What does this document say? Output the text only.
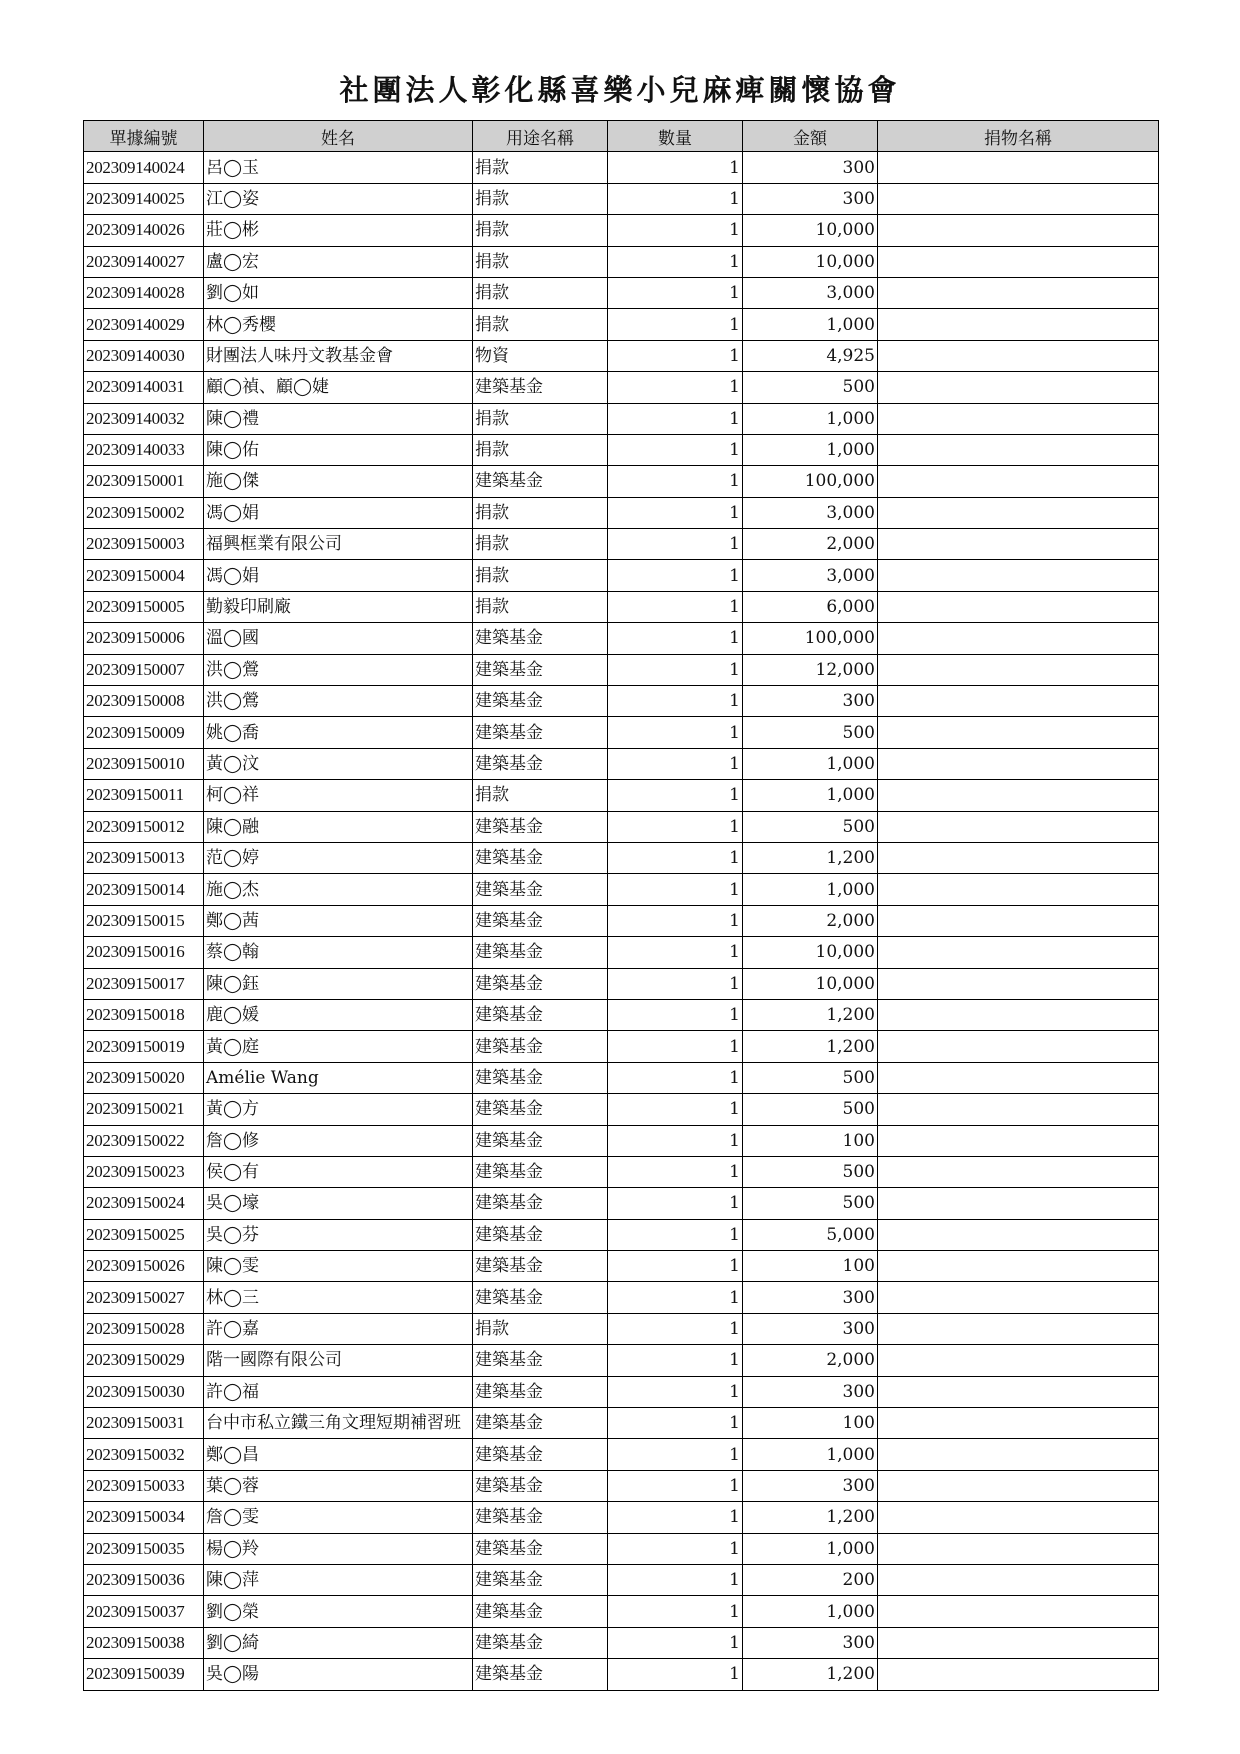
社團法人彰化縣喜樂小兒麻痺關懷協會
單據編號	姓名	用途名稱	數量	金額	捐物名稱
202309140024	呂◯玉	捐款	1	300	
202309140025	江◯姿	捐款	1	300	
202309140026	莊◯彬	捐款	1	10,000	
202309140027	盧◯宏	捐款	1	10,000	
202309140028	劉◯如	捐款	1	3,000	
202309140029	林◯秀櫻	捐款	1	1,000	
202309140030	財團法人味丹文教基金會	物資	1	4,925	
202309140031	顧◯禎、顧◯婕	建築基金	1	500	
202309140032	陳◯禮	捐款	1	1,000	
202309140033	陳◯佑	捐款	1	1,000	
202309150001	施◯傑	建築基金	1	100,000	
202309150002	馮◯娟	捐款	1	3,000	
202309150003	福興框業有限公司	捐款	1	2,000	
202309150004	馮◯娟	捐款	1	3,000	
202309150005	勤毅印刷廠	捐款	1	6,000	
202309150006	溫◯國	建築基金	1	100,000	
202309150007	洪◯鶯	建築基金	1	12,000	
202309150008	洪◯鶯	建築基金	1	300	
202309150009	姚◯喬	建築基金	1	500	
202309150010	黃◯汶	建築基金	1	1,000	
202309150011	柯◯祥	捐款	1	1,000	
202309150012	陳◯融	建築基金	1	500	
202309150013	范◯婷	建築基金	1	1,200	
202309150014	施◯杰	建築基金	1	1,000	
202309150015	鄭◯茜	建築基金	1	2,000	
202309150016	蔡◯翰	建築基金	1	10,000	
202309150017	陳◯鈺	建築基金	1	10,000	
202309150018	鹿◯媛	建築基金	1	1,200	
202309150019	黃◯庭	建築基金	1	1,200	
202309150020	Amélie Wang	建築基金	1	500	
202309150021	黃◯方	建築基金	1	500	
202309150022	詹◯修	建築基金	1	100	
202309150023	侯◯有	建築基金	1	500	
202309150024	吳◯壕	建築基金	1	500	
202309150025	吳◯芬	建築基金	1	5,000	
202309150026	陳◯雯	建築基金	1	100	
202309150027	林◯三	建築基金	1	300	
202309150028	許◯嘉	捐款	1	300	
202309150029	階一國際有限公司	建築基金	1	2,000	
202309150030	許◯福	建築基金	1	300	
202309150031	台中市私立鐵三角文理短期補習班	建築基金	1	100	
202309150032	鄭◯昌	建築基金	1	1,000	
202309150033	葉◯蓉	建築基金	1	300	
202309150034	詹◯雯	建築基金	1	1,200	
202309150035	楊◯羚	建築基金	1	1,000	
202309150036	陳◯萍	建築基金	1	200	
202309150037	劉◯榮	建築基金	1	1,000	
202309150038	劉◯綺	建築基金	1	300	
202309150039	吳◯陽	建築基金	1	1,200	
